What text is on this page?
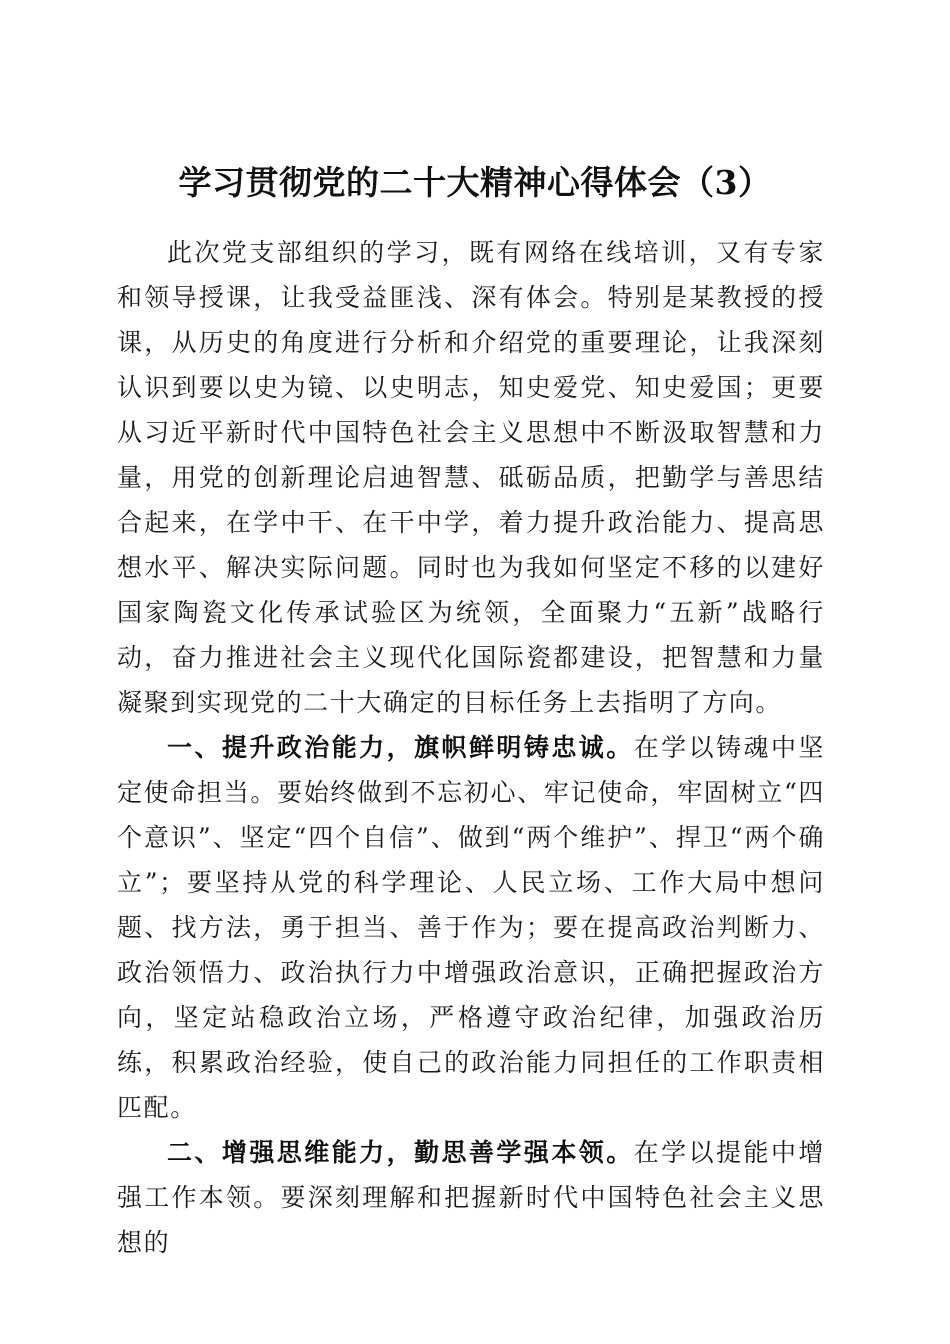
学习贯彻党的二十大精神心得体会（3）

此次党支部组织的学习，既有网络在线培训，又有专家和领导授课，让我受益匪浅、深有体会。特别是某教授的授课，从历史的角度进行分析和介绍党的重要理论，让我深刻认识到要以史为镜、以史明志，知史爱党、知史爱国；更要从习近平新时代中国特色社会主义思想中不断汲取智慧和力量，用党的创新理论启迪智慧、砥砺品质，把勤学与善思结合起来，在学中干、在干中学，着力提升政治能力、提高思想水平、解决实际问题。同时也为我如何坚定不移的以建好国家陶瓷文化传承试验区为统领，全面聚力“五新”战略行动，奋力推进社会主义现代化国际瓷都建设，把智慧和力量凝聚到实现党的二十大确定的目标任务上去指明了方向。

一、提升政治能力，旗帜鲜明铸忠诚。在学以铸魂中坚定使命担当。要始终做到不忘初心、牢记使命，牢固树立“四个意识”、坚定“四个自信”、做到“两个维护”、捍卫“两个确立”；要坚持从党的科学理论、人民立场、工作大局中想问题、找方法，勇于担当、善于作为；要在提高政治判断力、政治领悟力、政治执行力中增强政治意识，正确把握政治方向，坚定站稳政治立场，严格遵守政治纪律，加强政治历练，积累政治经验，使自己的政治能力同担任的工作职责相匹配。

二、增强思维能力，勤思善学强本领。在学以提能中增强工作本领。要深刻理解和把握新时代中国特色社会主义思想的
